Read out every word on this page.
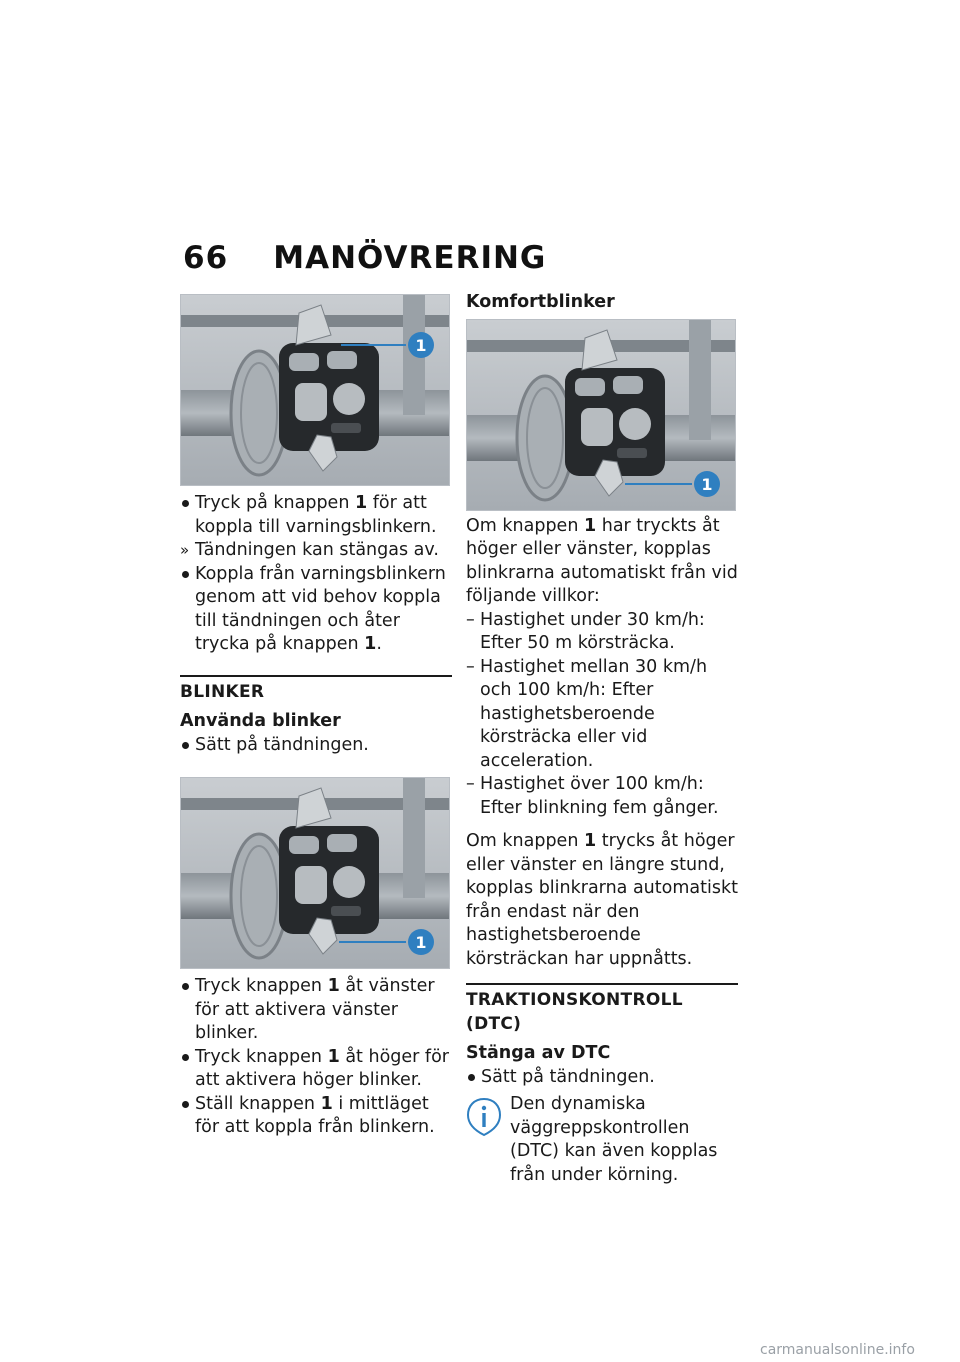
66 MANÖVRERING
1
Tryck på knappen 1 för att koppla till varningsblinkern.
» Tändningen kan stängas av.
Koppla från varningsblinkern genom att vid behov koppla till tändningen och åter trycka på knappen 1.
BLINKER
Använda blinker
Sätt på tändningen.
1
Tryck knappen 1 åt vänster för att aktivera vänster blinker.
Tryck knappen 1 åt höger för att aktivera höger blinker.
Ställ knappen 1 i mittläget för att koppla från blinkern.
Komfortblinker
1

Om knappen 1 har tryckts åt höger eller vänster, kopplas blinkrarna automatiskt från vid följande villkor:

– Hastighet under 30 km/h: Efter 50 m körsträcka.
– Hastighet mellan 30 km/h och 100 km/h: Efter hastighetsberoende körsträcka eller vid acceleration.
– Hastighet över 100 km/h: Efter blinkning fem gånger.

Om knappen 1 trycks åt höger eller vänster en längre stund, kopplas blinkrarna automatiskt från endast när den hastighetsberoende körsträckan har uppnåtts.

TRAKTIONSKONTROLL (DTC)
Stänga av DTC
Sätt på tändningen.
Den dynamiska väggreppskontrollen (DTC) kan även kopplas från under körning.
carmanualsonline.info
